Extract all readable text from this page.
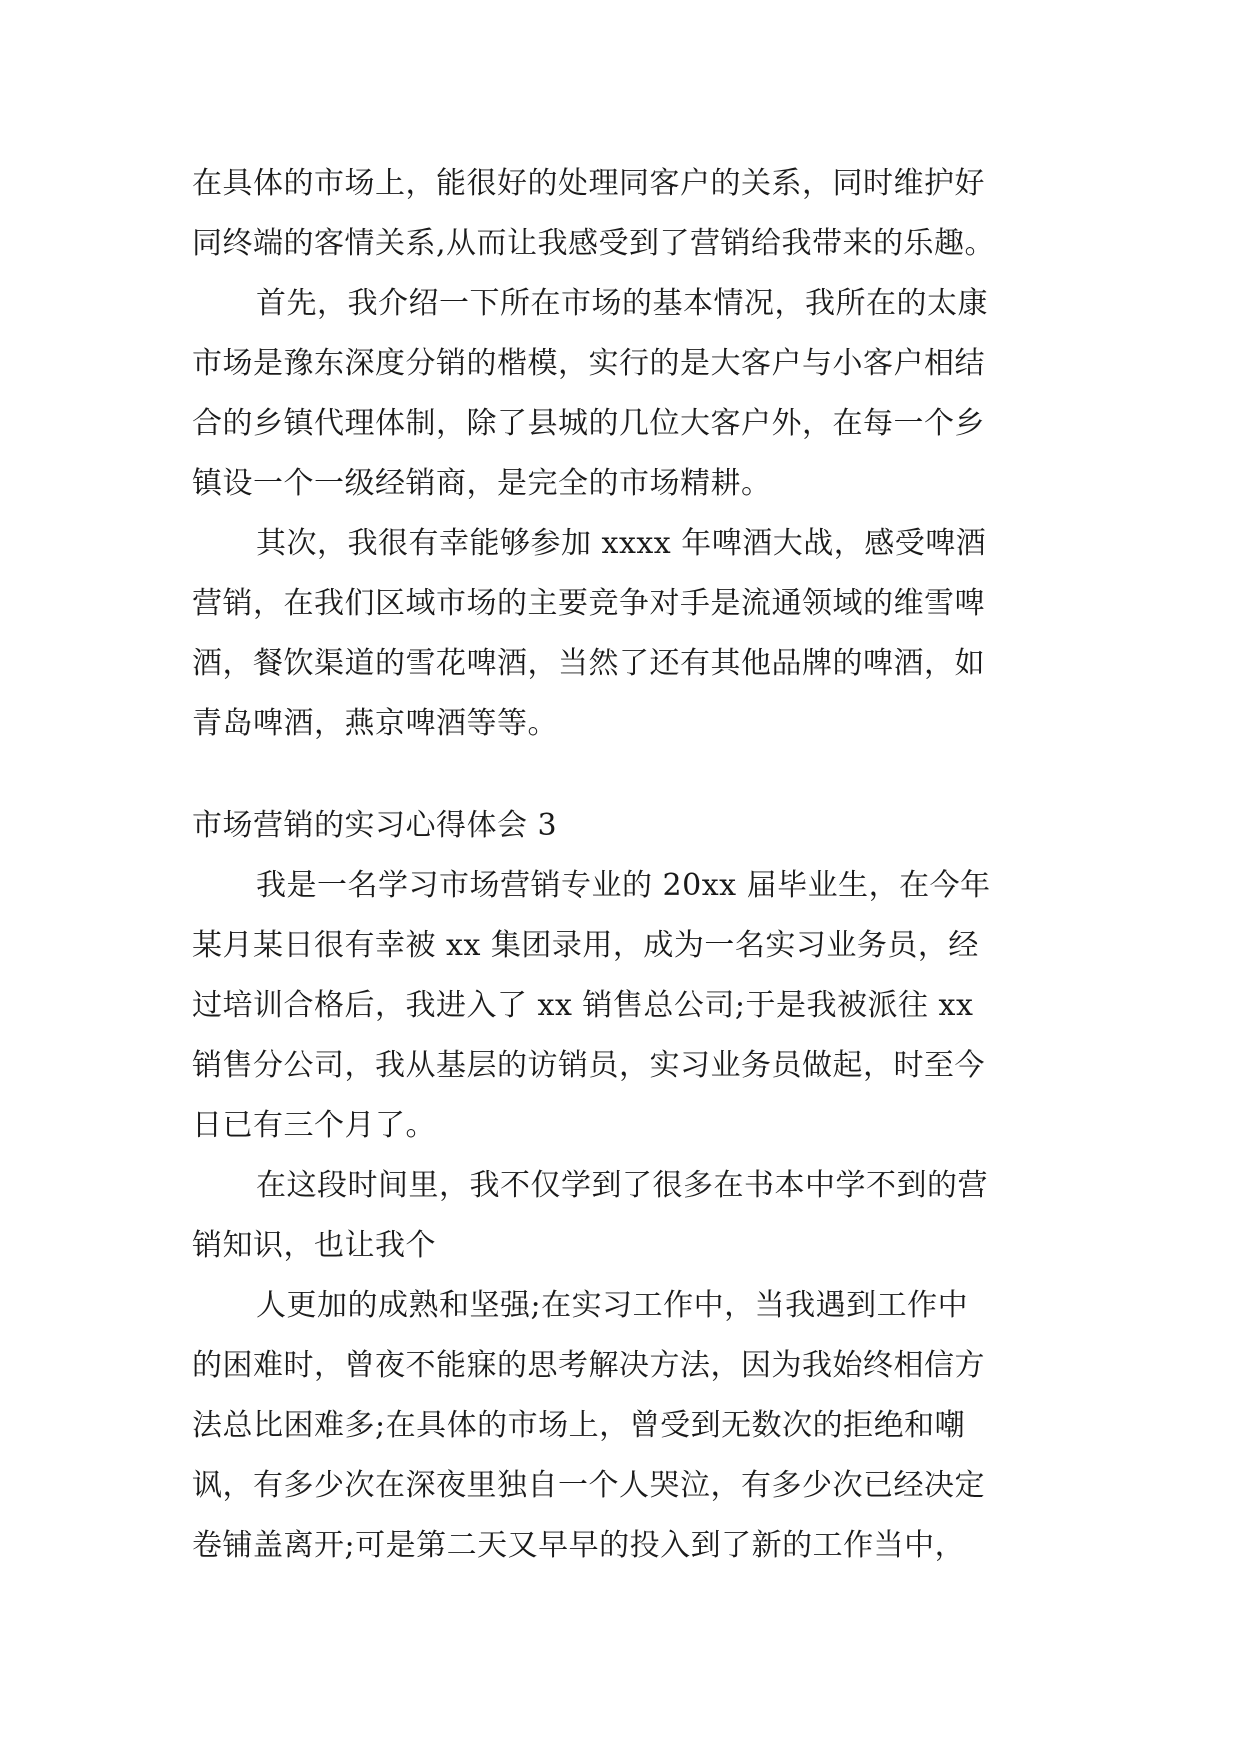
在具体的市场上，能很好的处理同客户的关系，同时维护好
同终端的客情关系,从而让我感受到了营销给我带来的乐趣。
首先，我介绍一下所在市场的基本情况，我所在的太康
市场是豫东深度分销的楷模，实行的是大客户与小客户相结
合的乡镇代理体制，除了县城的几位大客户外，在每一个乡
镇设一个一级经销商，是完全的市场精耕。
其次，我很有幸能够参加 xxxx 年啤酒大战，感受啤酒
营销，在我们区域市场的主要竞争对手是流通领域的维雪啤
酒，餐饮渠道的雪花啤酒，当然了还有其他品牌的啤酒，如
青岛啤酒，燕京啤酒等等。
市场营销的实习心得体会 3
我是一名学习市场营销专业的 20xx 届毕业生，在今年
某月某日很有幸被 xx 集团录用，成为一名实习业务员，经
过培训合格后，我进入了 xx 销售总公司;于是我被派往 xx
销售分公司，我从基层的访销员，实习业务员做起，时至今
日已有三个月了。
在这段时间里，我不仅学到了很多在书本中学不到的营
销知识，也让我个
人更加的成熟和坚强;在实习工作中，当我遇到工作中
的困难时，曾夜不能寐的思考解决方法，因为我始终相信方
法总比困难多;在具体的市场上，曾受到无数次的拒绝和嘲
讽，有多少次在深夜里独自一个人哭泣，有多少次已经决定
卷铺盖离开;可是第二天又早早的投入到了新的工作当中，
